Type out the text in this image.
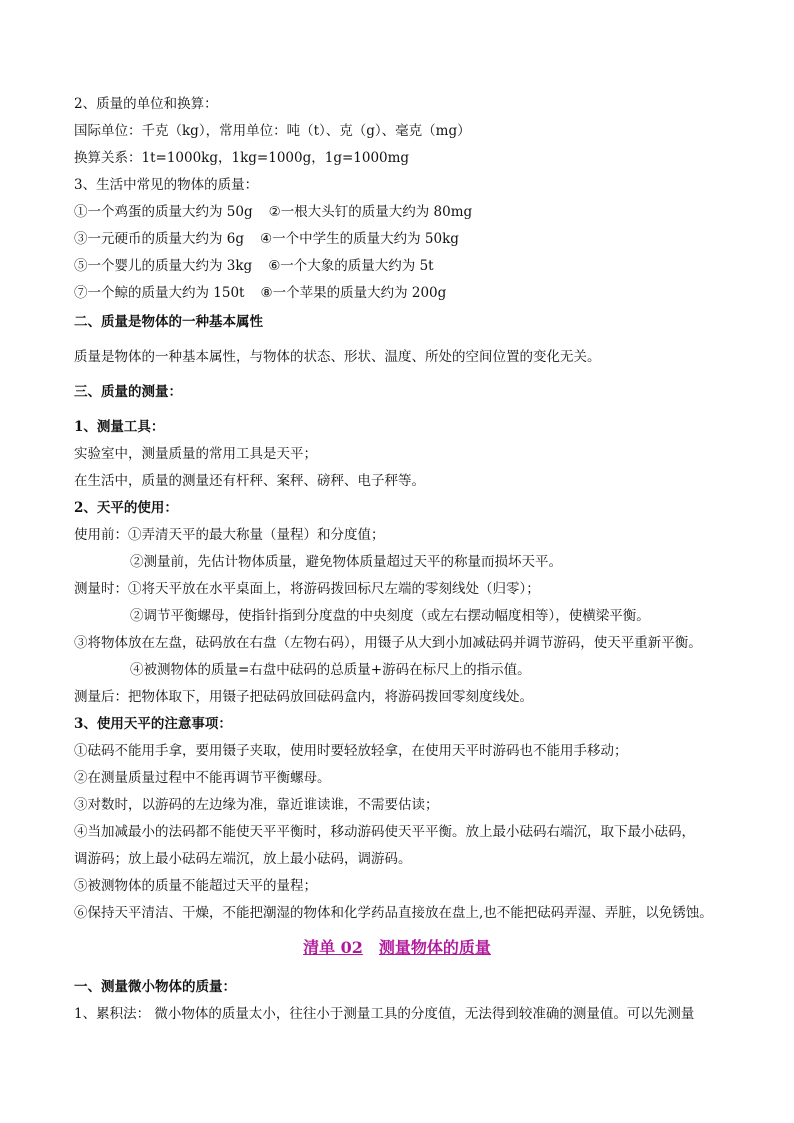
2、质量的单位和换算：
国际单位：千克（kg），常用单位：吨（t）、克（g）、毫克（mg）
换算关系：1t=1000kg，1kg=1000g，1g=1000mg
3、生活中常见的物体的质量：
①一个鸡蛋的质量大约为 50g ②一根大头钉的质量大约为 80mg
③一元硬币的质量大约为 6g ④一个中学生的质量大约为 50kg
⑤一个婴儿的质量大约为 3kg ⑥一个大象的质量大约为 5t
⑦一个鲸的质量大约为 150t ⑧一个苹果的质量大约为 200g
二、质量是物体的一种基本属性
质量是物体的一种基本属性，与物体的状态、形状、温度、所处的空间位置的变化无关。
三、质量的测量：
1、测量工具：
实验室中，测量质量的常用工具是天平；
在生活中，质量的测量还有杆秤、案秤、磅秤、电子秤等。
2、天平的使用：
使用前：①弄清天平的最大称量（量程）和分度值；
②测量前，先估计物体质量，避免物体质量超过天平的称量而损坏天平。
测量时：①将天平放在水平桌面上，将游码拨回标尺左端的零刻线处（归零）；
②调节平衡螺母，使指针指到分度盘的中央刻度（或左右摆动幅度相等），使横梁平衡。
③将物体放在左盘，砝码放在右盘（左物右码），用镊子从大到小加减砝码并调节游码，使天平重新平衡。
④被测物体的质量=右盘中砝码的总质量+游码在标尺上的指示值。
测量后：把物体取下，用镊子把砝码放回砝码盒内，将游码拨回零刻度线处。
3、使用天平的注意事项：
①砝码不能用手拿，要用镊子夹取，使用时要轻放轻拿，在使用天平时游码也不能用手移动；
②在测量质量过程中不能再调节平衡螺母。
③对数时，以游码的左边缘为准，靠近谁读谁，不需要估读；
④当加减最小的法码都不能使天平平衡时，移动游码使天平平衡。放上最小砝码右端沉，取下最小砝码，
调游码；放上最小砝码左端沉，放上最小砝码，调游码。
⑤被测物体的质量不能超过天平的量程；
⑥保持天平清洁、干燥，不能把潮湿的物体和化学药品直接放在盘上,也不能把砝码弄湿、弄脏，以免锈蚀。
清单 02 测量物体的质量
一、测量微小物体的质量：
1、累积法： 微小物体的质量太小，往往小于测量工具的分度值，无法得到较准确的测量值。可以先测量
